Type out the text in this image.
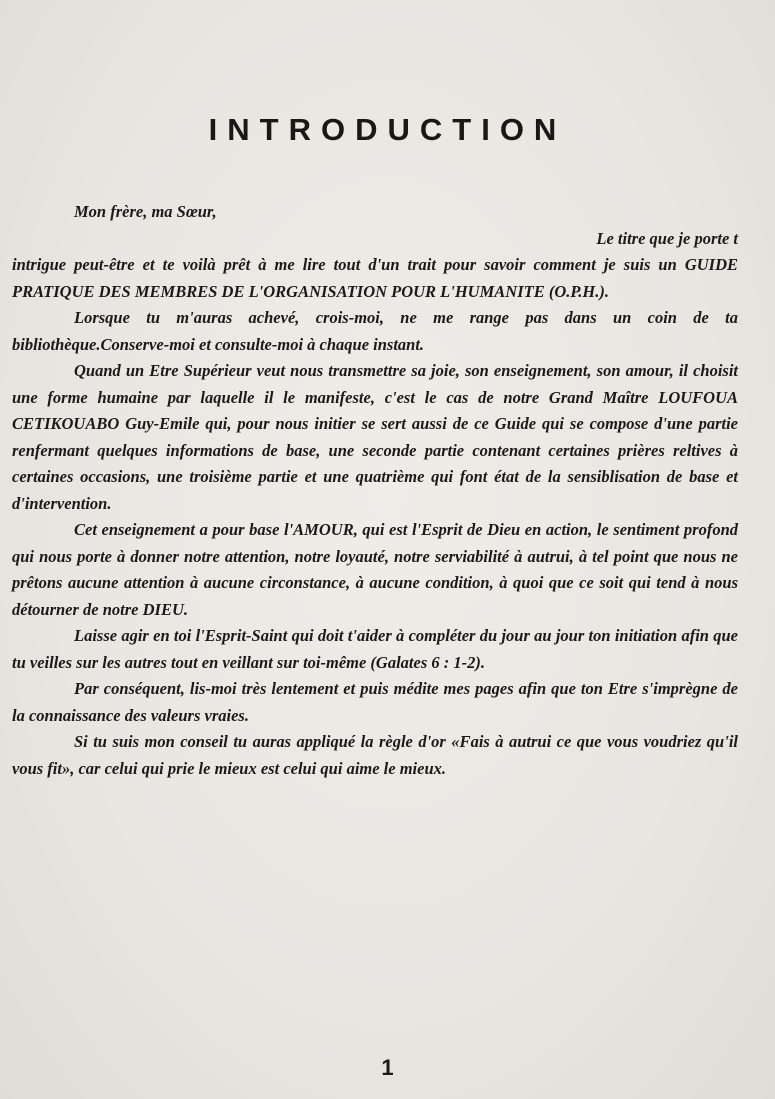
INTRODUCTION

Mon frère, ma Sœur,

Le titre que je porte t

intrigue peut-être et te voilà prêt à me lire tout d'un trait pour savoir comment je suis un GUIDE PRATIQUE DES MEMBRES DE L'ORGANISATION POUR L'HUMANITE (O.P.H.).

Lorsque tu m'auras achevé, crois-moi, ne me range pas dans un coin de ta bibliothèque.Conserve-moi et consulte-moi à chaque instant.

Quand un Etre Supérieur veut nous transmettre sa joie, son enseignement, son amour, il choisit une forme humaine par laquelle il le manifeste, c'est le cas de notre Grand Maître LOUFOUA CETIKOUABO Guy-Emile qui, pour nous initier se sert aussi de ce Guide qui se compose d'une partie renfermant quelques informations de base, une seconde partie contenant certaines prières reltives à certaines occasions, une troisième partie et une quatrième qui font état de la sensiblisation de base et d'intervention.

Cet enseignement a pour base l'AMOUR, qui est l'Esprit de Dieu en action, le sentiment profond qui nous porte à donner notre attention, notre loyauté, notre serviabilité à autrui, à tel point que nous ne prêtons aucune attention à aucune circonstance, à aucune condition, à quoi que ce soit qui tend à nous détourner de notre DIEU.

Laisse agir en toi l'Esprit-Saint qui doit t'aider à compléter du jour au jour ton initiation afin que tu veilles sur les autres tout en veillant sur toi-même (Galates 6 : 1-2).

Par conséquent, lis-moi très lentement et puis médite mes pages afin que ton Etre s'imprègne de la connaissance des valeurs vraies.

Si tu suis mon conseil tu auras appliqué la règle d'or «Fais à autrui ce que vous voudriez qu'il vous fit», car celui qui prie le mieux est celui qui aime le mieux.

1
